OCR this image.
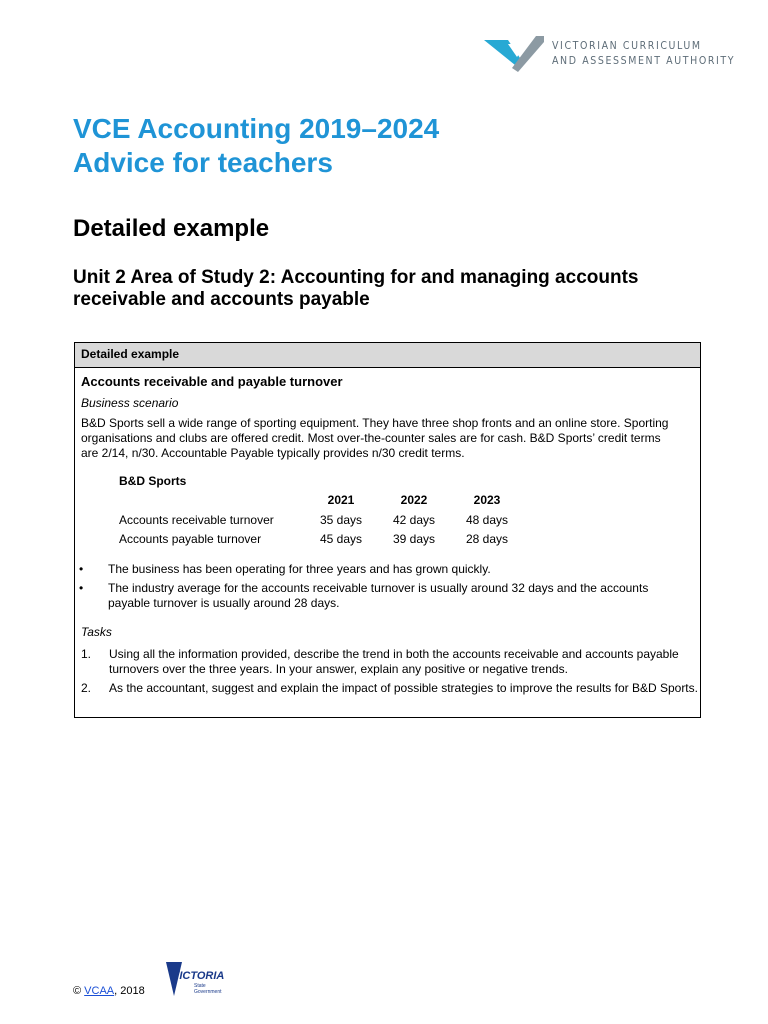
VICTORIAN CURRICULUM
AND ASSESSMENT AUTHORITY
VCE Accounting 2019–2024
Advice for teachers
Detailed example
Unit 2 Area of Study 2: Accounting for and managing accounts receivable and accounts payable
Detailed example
Accounts receivable and payable turnover
Business scenario
B&D Sports sell a wide range of sporting equipment. They have three shop fronts and an online store. Sporting organisations and clubs are offered credit. Most over-the-counter sales are for cash. B&D Sports’ credit terms are 2/14, n/30. Accountable Payable typically provides n/30 credit terms.
B&D Sports
2021	2022	2023
Accounts receivable turnover	35 days	42 days	48 days
Accounts payable turnover	45 days	39 days	28 days
• The business has been operating for three years and has grown quickly.
• The industry average for the accounts receivable turnover is usually around 32 days and the accounts payable turnover is usually around 28 days.
Tasks
1. Using all the information provided, describe the trend in both the accounts receivable and accounts payable turnovers over the three years. In your answer, explain any positive or negative trends.
2. As the accountant, suggest and explain the impact of possible strategies to improve the results for B&D Sports.
© VCAA, 2018
VICTORIA
State
Government
